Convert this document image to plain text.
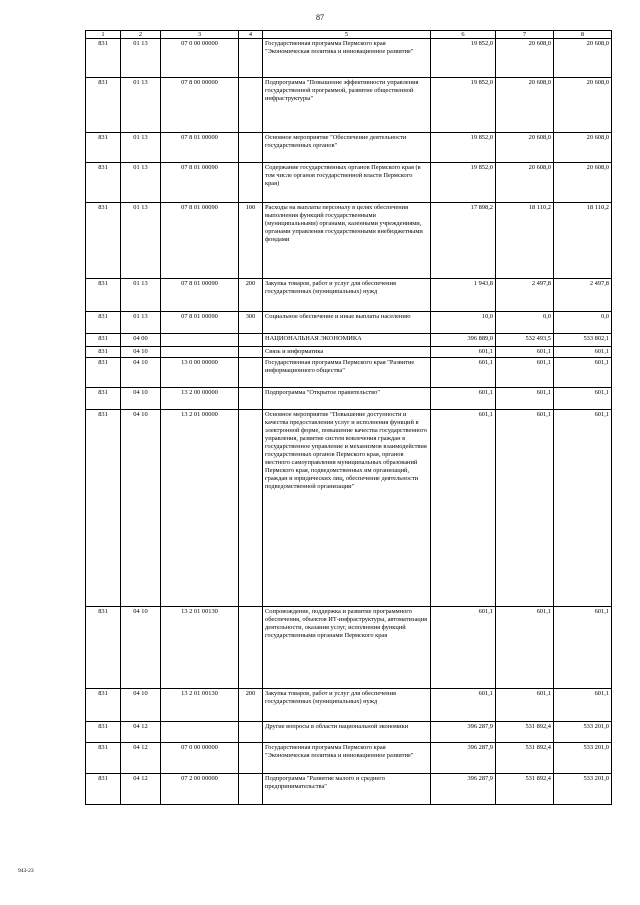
87
1	2	3	4	5	6	7	8
831	01 13	07 0 00 00000		Государственная программа Пермского края "Экономическая политика и инновационное развитие"	19 852,0	20 608,0	20 608,0
831	01 13	07 8 00 00000		Подпрограмма "Повышение эффективности управления государственной программой, развитие общественной инфраструктуры"	19 852,0	20 608,0	20 608,0
831	01 13	07 8 01 00000		Основное мероприятие "Обеспечение деятельности государственных органов"	19 852,0	20 608,0	20 608,0
831	01 13	07 8 01 00090		Содержание государственных органов Пермского края (в том числе органов государственной власти Пермского края)	19 852,0	20 608,0	20 608,0
831	01 13	07 8 01 00090	100	Расходы на выплаты персоналу в целях обеспечения выполнения функций государственными (муниципальными) органами, казенными учреждениями, органами управления государственными внебюджетными фондами	17 898,2	18 110,2	18 110,2
831	01 13	07 8 01 00090	200	Закупка товаров, работ и услуг для обеспечения государственных (муниципальных) нужд	1 943,8	2 497,8	2 497,8
831	01 13	07 8 01 00090	300	Социальное обеспечение и иные выплаты населению	10,0	0,0	0,0
831	04 00			НАЦИОНАЛЬНАЯ ЭКОНОМИКА	396 889,0	532 493,5	533 802,1
831	04 10			Связь и информатика	601,1	601,1	601,1
831	04 10	13 0 00 00000		Государственная программа Пермского края "Развитие информационного общества"	601,1	601,1	601,1
831	04 10	13 2 00 00000		Подпрограмма "Открытое правительство"	601,1	601,1	601,1
831	04 10	13 2 01 00000		Основное мероприятие "Повышение доступности и качества предоставления услуг и исполнения функций в электронной форме, повышение качества государственного управления, развитие систем вовлечения граждан в государственное управление и механизмов взаимодействия государственных органов Пермского края, органов местного самоуправления муниципальных образований Пермского края, подведомственных им организаций, граждан и юридических лиц, обеспечение деятельности подведомственной организации"	601,1	601,1	601,1
831	04 10	13 2 01 00130		Сопровождение, поддержка и развитие программного обеспечения, объектов ИТ-инфраструктуры, автоматизация деятельности, оказания услуг, исполнения функций государственными органами Пермского края	601,1	601,1	601,1
831	04 10	13 2 01 00130	200	Закупка товаров, работ и услуг для обеспечения государственных (муниципальных) нужд	601,1	601,1	601,1
831	04 12			Другие вопросы в области национальной экономики	396 287,9	531 892,4	533 201,0
831	04 12	07 0 00 00000		Государственная программа Пермского края "Экономическая политика и инновационное развитие"	396 287,9	531 892,4	533 201,0
831	04 12	07 2 00 00000		Подпрограмма "Развитие малого и среднего предпринимательства"	396 287,9	531 892,4	533 201,0
943-23
